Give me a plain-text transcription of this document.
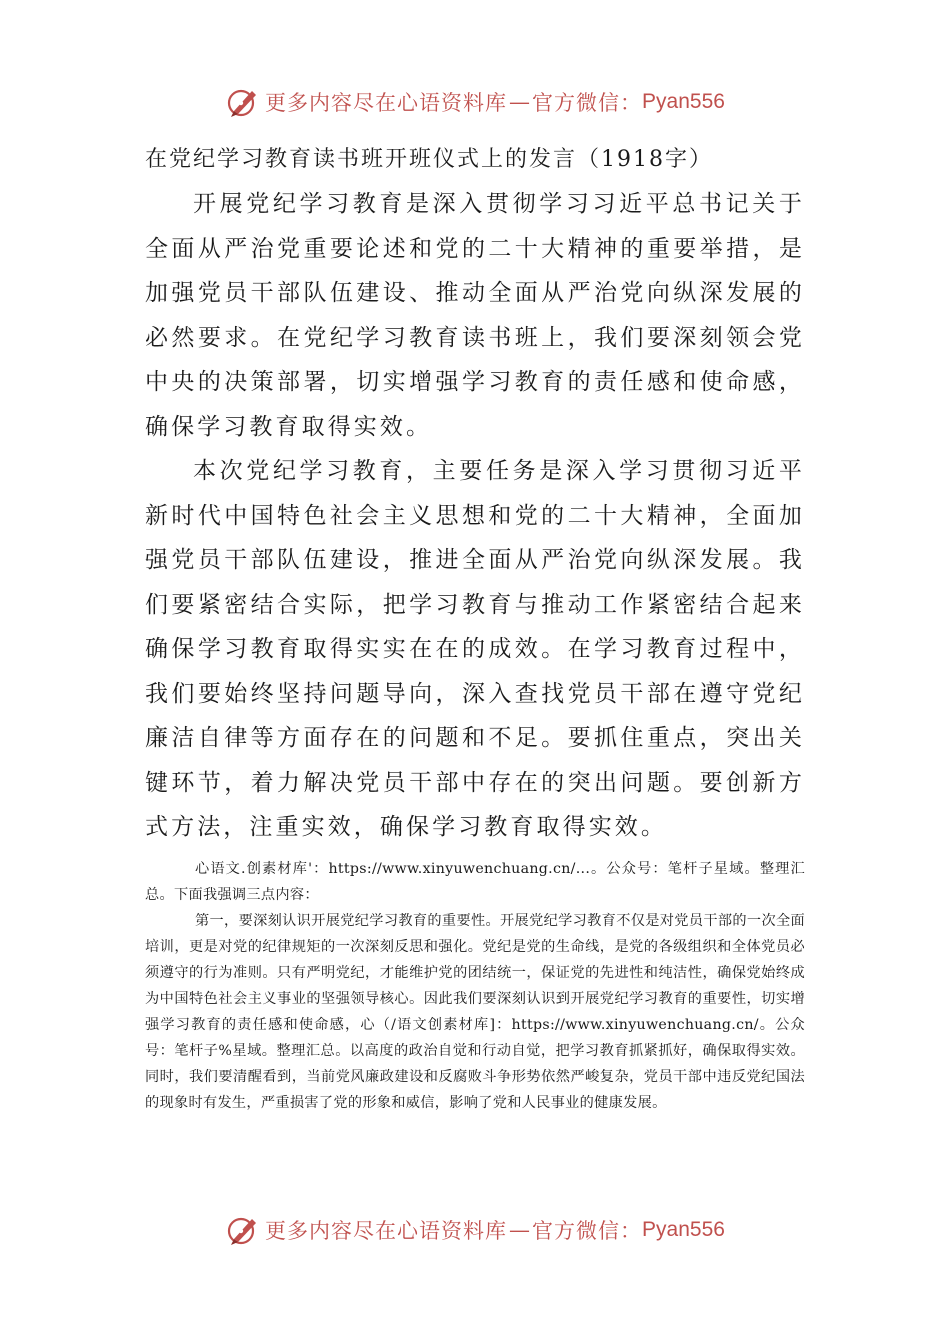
更多内容尽在心语资料库 — 官方微信： Pyan556
在党纪学习教育读书班开班仪式上的发言（1918字）

开展党纪学习教育是深入贯彻学习习近平总书记关于全面从严治党重要论述和党的二十大精神的重要举措，是加强党员干部队伍建设、推动全面从严治党向纵深发展的必然要求。在党纪学习教育读书班上，我们要深刻领会党中央的决策部署，切实增强学习教育的责任感和使命感，确保学习教育取得实效。

本次党纪学习教育，主要任务是深入学习贯彻习近平新时代中国特色社会主义思想和党的二十大精神，全面加强党员干部队伍建设，推进全面从严治党向纵深发展。我们要紧密结合实际，把学习教育与推动工作紧密结合起来确保学习教育取得实实在在的成效。在学习教育过程中，我们要始终坚持问题导向，深入查找党员干部在遵守党纪廉洁自律等方面存在的问题和不足。要抓住重点，突出关键环节，着力解决党员干部中存在的突出问题。要创新方式方法，注重实效，确保学习教育取得实效。

心语文.创素材库'：https://www.xinyuwenchuang.cn/...。公众号：笔杆子星域。整理汇总。下面我强调三点内容：

第一，要深刻认识开展党纪学习教育的重要性。开展党纪学习教育不仅是对党员干部的一次全面培训，更是对党的纪律规矩的一次深刻反思和强化。党纪是党的生命线，是党的各级组织和全体党员必须遵守的行为准则。只有严明党纪，才能维护党的团结统一，保证党的先进性和纯洁性，确保党始终成为中国特色社会主义事业的坚强领导核心。因此我们要深刻认识到开展党纪学习教育的重要性，切实增强学习教育的责任感和使命感，心（/语文创素材库]：https://www.xinyuwenchuang.cn/。公众号：笔杆子%星域。整理汇总。以高度的政治自觉和行动自觉，把学习教育抓紧抓好，确保取得实效。同时，我们要清醒看到，当前党风廉政建设和反腐败斗争形势依然严峻复杂，党员干部中违反党纪国法的现象时有发生，严重损害了党的形象和威信，影响了党和人民事业的健康发展。

更多内容尽在心语资料库 — 官方微信： Pyan556
